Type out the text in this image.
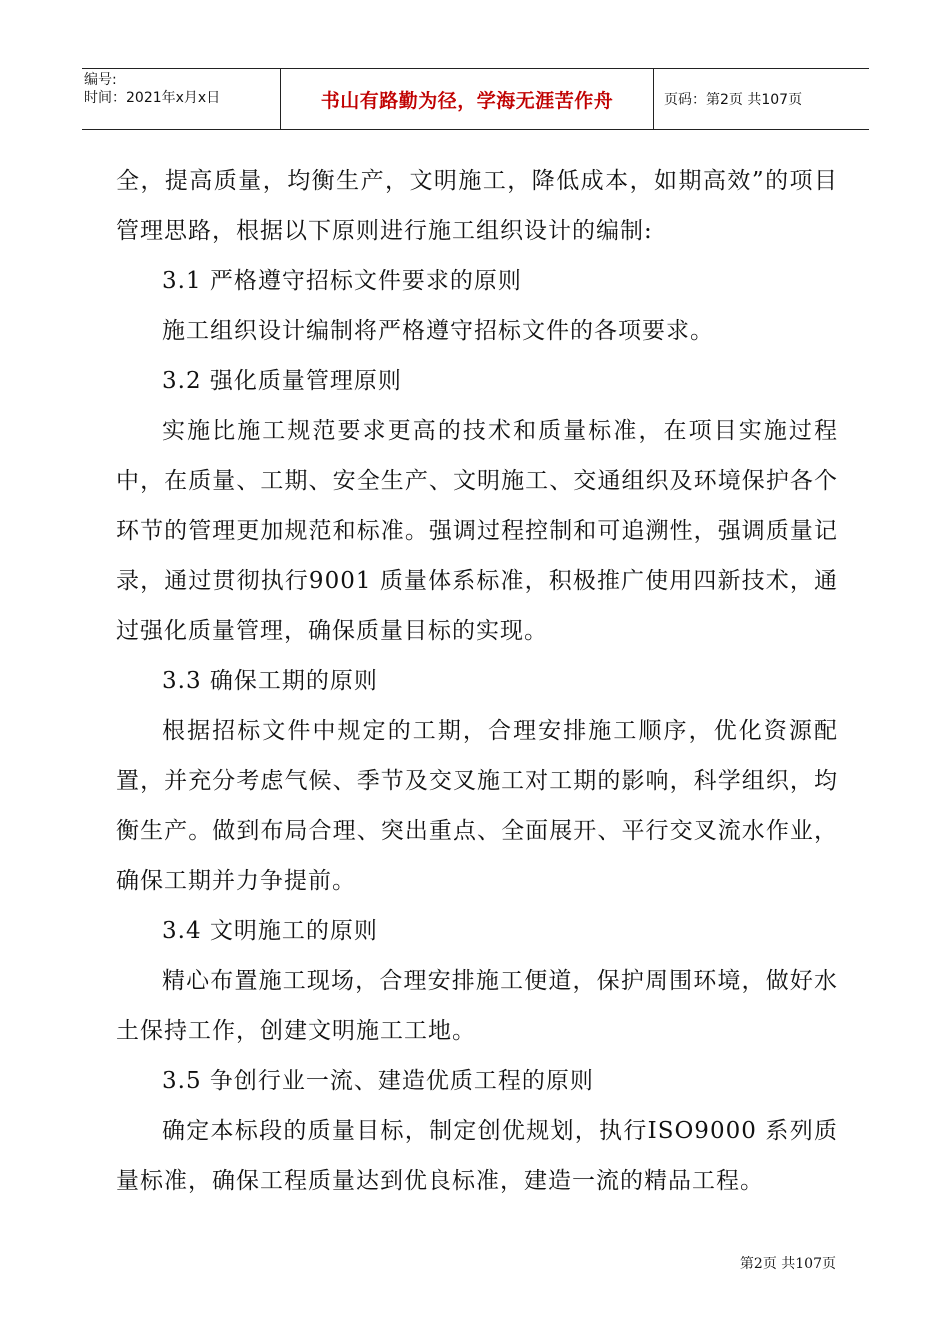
编号:
时间：2021年x月x日	书山有路勤为径，学海无涯苦作舟	页码：第2页 共107页

全，提高质量，均衡生产，文明施工，降低成本，如期高效”的项目管理思路，根据以下原则进行施工组织设计的编制:

3.1 严格遵守招标文件要求的原则

施工组织设计编制将严格遵守招标文件的各项要求。

3.2 强化质量管理原则

实施比施工规范要求更高的技术和质量标准，在项目实施过程中，在质量、工期、安全生产、文明施工、交通组织及环境保护各个环节的管理更加规范和标准。强调过程控制和可追溯性，强调质量记录，通过贯彻执行9001 质量体系标准，积极推广使用四新技术，通过强化质量管理，确保质量目标的实现。

3.3 确保工期的原则

根据招标文件中规定的工期，合理安排施工顺序，优化资源配置，并充分考虑气候、季节及交叉施工对工期的影响，科学组织，均衡生产。做到布局合理、突出重点、全面展开、平行交叉流水作业，确保工期并力争提前。

3.4 文明施工的原则

精心布置施工现场，合理安排施工便道，保护周围环境，做好水土保持工作，创建文明施工工地。

3.5 争创行业一流、建造优质工程的原则

确定本标段的质量目标，制定创优规划，执行ISO9000 系列质量标准，确保工程质量达到优良标准，建造一流的精品工程。

第2页 共107页
